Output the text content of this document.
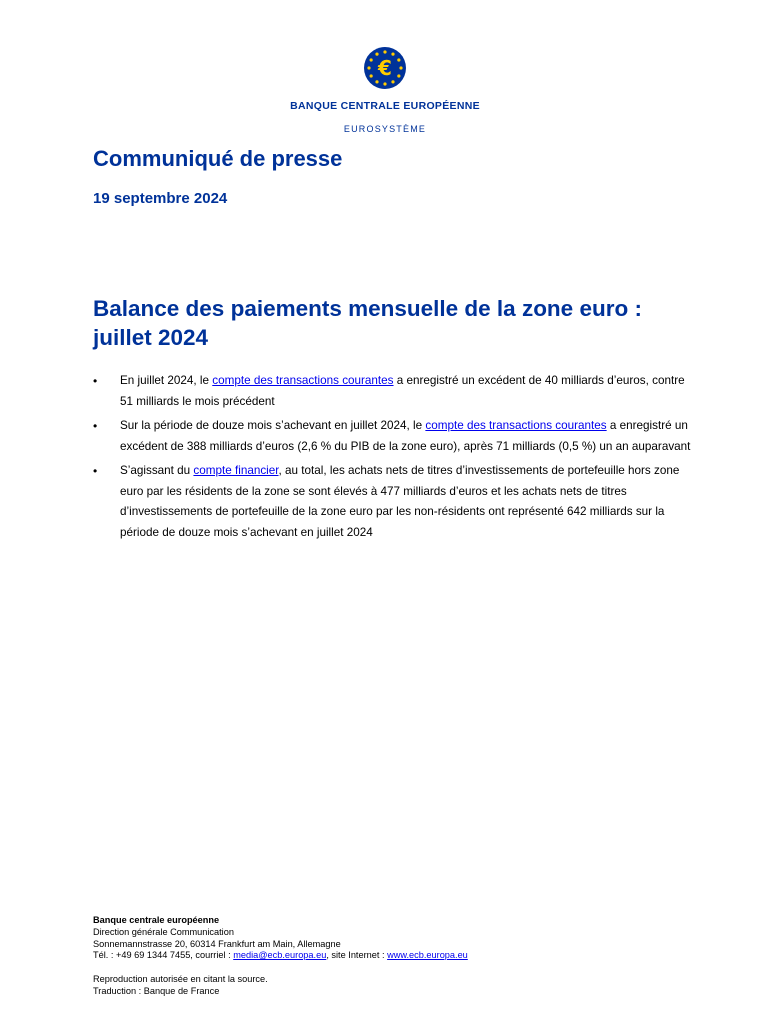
€
BANQUE CENTRALE EUROPÉENNE
EUROSYSTÈME
Communiqué de presse
19 septembre 2024
Balance des paiements mensuelle de la zone euro : juillet 2024
• En juillet 2024, le compte des transactions courantes a enregistré un excédent de 40 milliards d’euros, contre 51 milliards le mois précédent
• Sur la période de douze mois s’achevant en juillet 2024, le compte des transactions courantes a enregistré un excédent de 388 milliards d’euros (2,6 % du PIB de la zone euro), après 71 milliards (0,5 %) un an auparavant
• S’agissant du compte financier, au total, les achats nets de titres d’investissements de portefeuille hors zone euro par les résidents de la zone se sont élevés à 477 milliards d’euros et les achats nets de titres d’investissements de portefeuille de la zone euro par les non-résidents ont représenté 642 milliards sur la période de douze mois s’achevant en juillet 2024
Banque centrale européenne
Direction générale Communication
Sonnemannstrasse 20, 60314 Frankfurt am Main, Allemagne
Tél. : +49 69 1344 7455, courriel : media@ecb.europa.eu, site Internet : www.ecb.europa.eu
Reproduction autorisée en citant la source.
Traduction : Banque de France
